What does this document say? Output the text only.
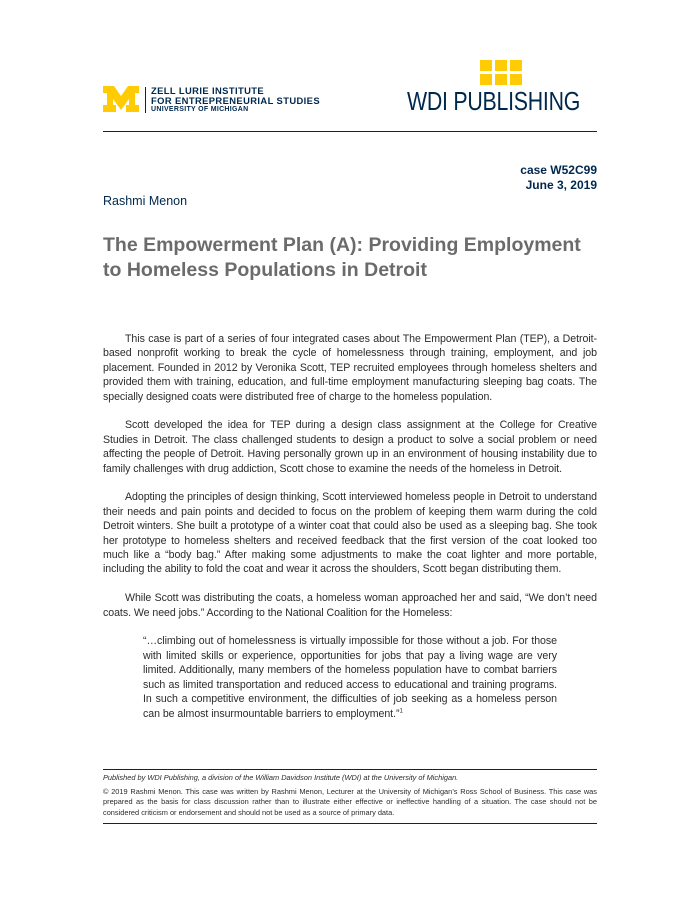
ZELL LURIE INSTITUTE
FOR ENTREPRENEURIAL STUDIES
UNIVERSITY OF MICHIGAN	WDI PUBLISHING
case W52C99
June 3, 2019
Rashmi Menon
The Empowerment Plan (A): Providing Employment to Homeless Populations in Detroit

This case is part of a series of four integrated cases about The Empowerment Plan (TEP), a Detroit-based nonprofit working to break the cycle of homelessness through training, employment, and job placement. Founded in 2012 by Veronika Scott, TEP recruited employees through homeless shelters and provided them with training, education, and full-time employment manufacturing sleeping bag coats. The specially designed coats were distributed free of charge to the homeless population.

Scott developed the idea for TEP during a design class assignment at the College for Creative Studies in Detroit. The class challenged students to design a product to solve a social problem or need affecting the people of Detroit. Having personally grown up in an environment of housing instability due to family challenges with drug addiction, Scott chose to examine the needs of the homeless in Detroit.

Adopting the principles of design thinking, Scott interviewed homeless people in Detroit to understand their needs and pain points and decided to focus on the problem of keeping them warm during the cold Detroit winters. She built a prototype of a winter coat that could also be used as a sleeping bag. She took her prototype to homeless shelters and received feedback that the first version of the coat looked too much like a “body bag.” After making some adjustments to make the coat lighter and more portable, including the ability to fold the coat and wear it across the shoulders, Scott began distributing them.

While Scott was distributing the coats, a homeless woman approached her and said, “We don’t need coats. We need jobs.” According to the National Coalition for the Homeless:

“…climbing out of homelessness is virtually impossible for those without a job. For those with limited skills or experience, opportunities for jobs that pay a living wage are very limited. Additionally, many members of the homeless population have to combat barriers such as limited transportation and reduced access to educational and training programs. In such a competitive environment, the difficulties of job seeking as a homeless person can be almost insurmountable barriers to employment.”$^1$
Published by WDI Publishing, a division of the William Davidson Institute (WDI) at the University of Michigan.
© 2019 Rashmi Menon. This case was written by Rashmi Menon, Lecturer at the University of Michigan’s Ross School of Business. This case was prepared as the basis for class discussion rather than to illustrate either effective or ineffective handling of a situation. The case should not be considered criticism or endorsement and should not be used as a source of primary data.
